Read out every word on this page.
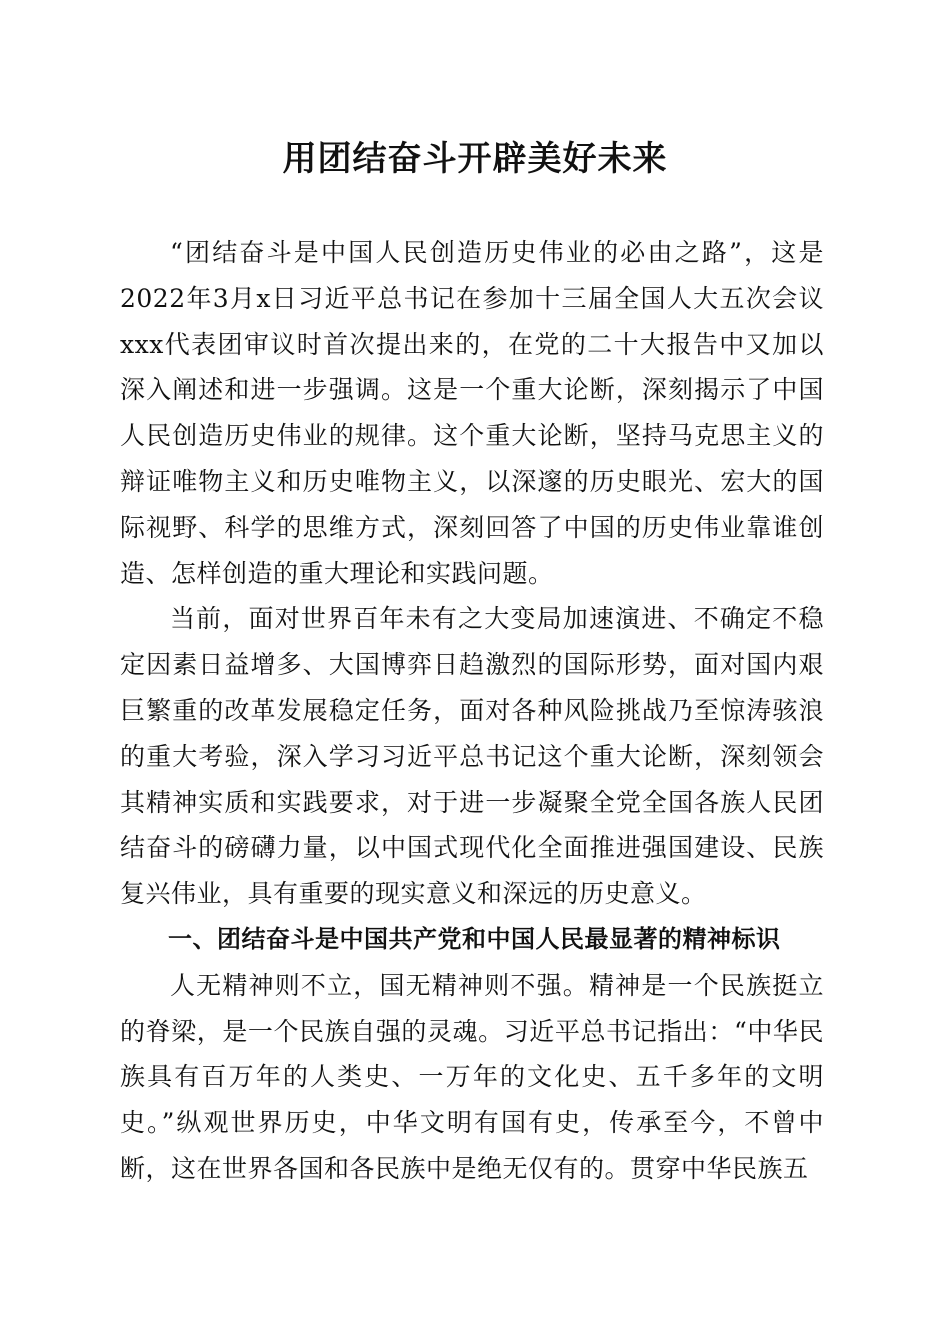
用团结奋斗开辟美好未来

“团结奋斗是中国人民创造历史伟业的必由之路”，这是2022年3月x日习近平总书记在参加十三届全国人大五次会议xxx代表团审议时首次提出来的，在党的二十大报告中又加以深入阐述和进一步强调。这是一个重大论断，深刻揭示了中国人民创造历史伟业的规律。这个重大论断，坚持马克思主义的辩证唯物主义和历史唯物主义，以深邃的历史眼光、宏大的国际视野、科学的思维方式，深刻回答了中国的历史伟业靠谁创造、怎样创造的重大理论和实践问题。

当前，面对世界百年未有之大变局加速演进、不确定不稳定因素日益增多、大国博弈日趋激烈的国际形势，面对国内艰巨繁重的改革发展稳定任务，面对各种风险挑战乃至惊涛骇浪的重大考验，深入学习习近平总书记这个重大论断，深刻领会其精神实质和实践要求，对于进一步凝聚全党全国各族人民团结奋斗的磅礴力量，以中国式现代化全面推进强国建设、民族复兴伟业，具有重要的现实意义和深远的历史意义。

一、团结奋斗是中国共产党和中国人民最显著的精神标识

人无精神则不立，国无精神则不强。精神是一个民族挺立的脊梁，是一个民族自强的灵魂。习近平总书记指出：“中华民族具有百万年的人类史、一万年的文化史、五千多年的文明史。”纵观世界历史，中华文明有国有史，传承至今，不曾中断，这在世界各国和各民族中是绝无仅有的。贯穿中华民族五
